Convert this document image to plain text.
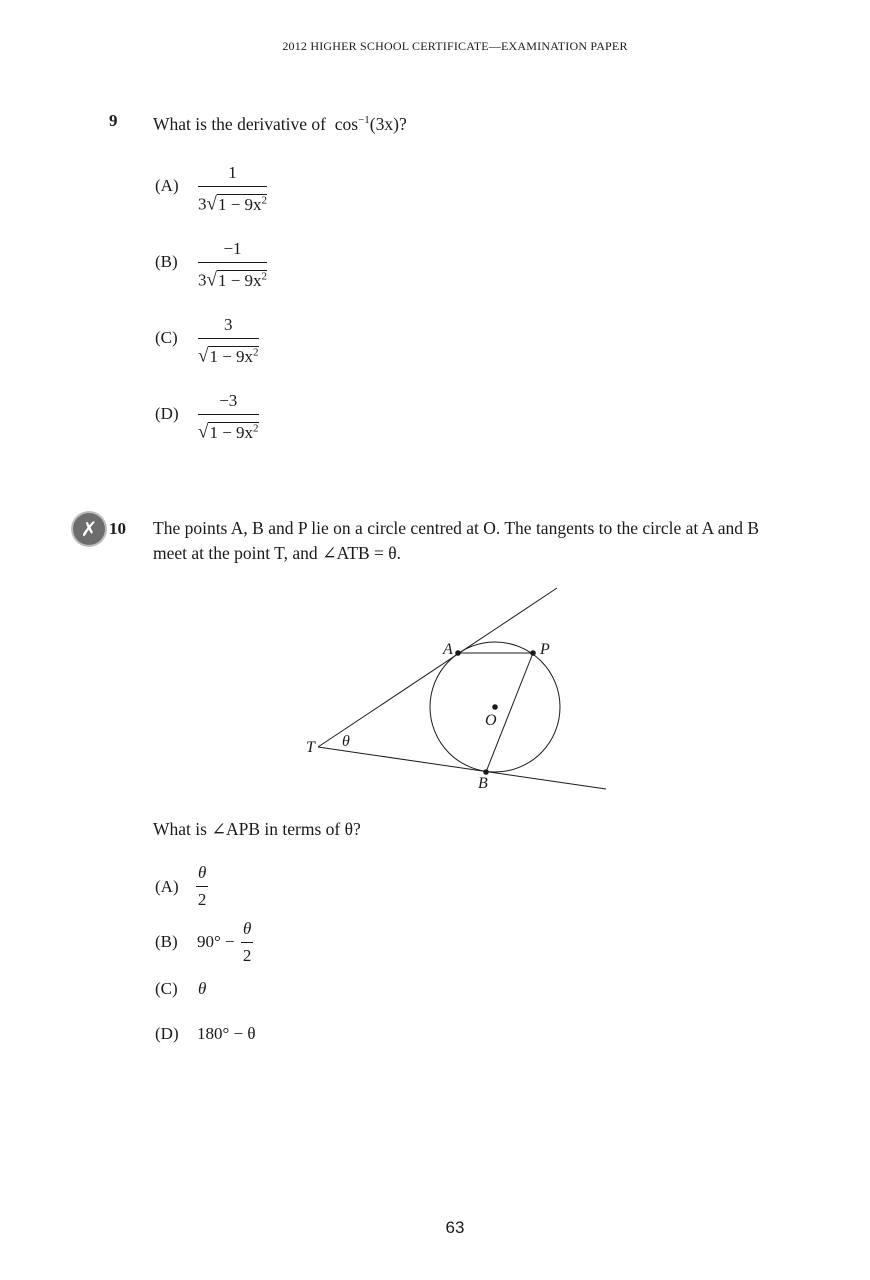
2012 HIGHER SCHOOL CERTIFICATE—EXAMINATION PAPER
9 What is the derivative of $\cos^{-1}(3x)$?
(A)
1
$3√1 - 9x^2$
(B)
−1
$3√1 - 9x^2$
(C)
3
$√1 - 9x^2$
(D)
−3
$√1 - 9x^2$
✗ 10 The points A, B and P lie on a circle centred at O. The tangents to the circle at A and B
meet at the point T, and ∠ATB = θ.
A	P
O
T
B
θ
What is ∠APB in terms of θ?
(A)
θ
2
(B) 90° −
θ
2
(C) θ
(D) 180° − θ
63
